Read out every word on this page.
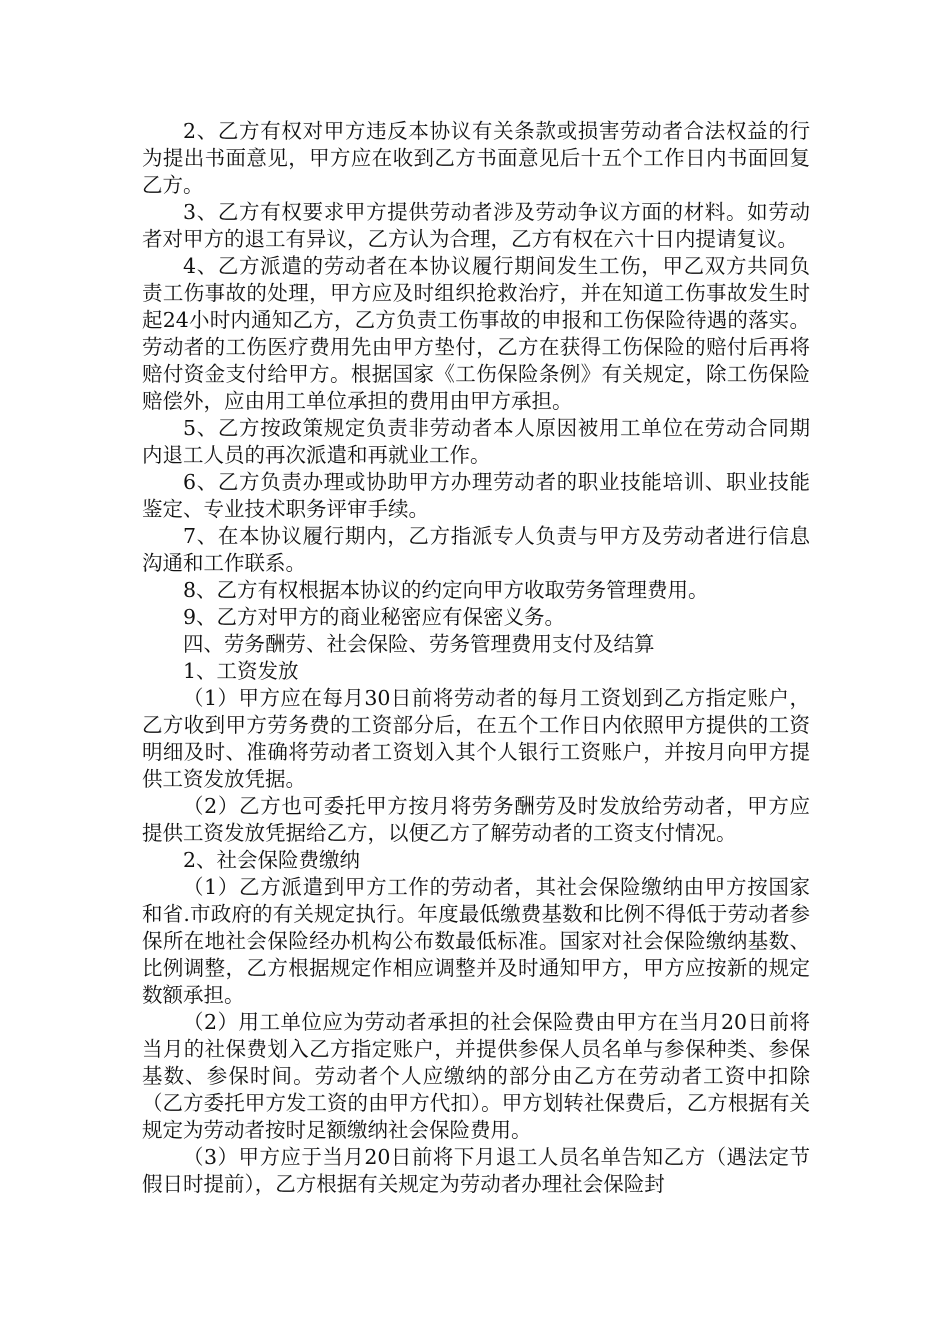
2、乙方有权对甲方违反本协议有关条款或损害劳动者合法权益的行为提出书面意见，甲方应在收到乙方书面意见后十五个工作日内书面回复乙方。

3、乙方有权要求甲方提供劳动者涉及劳动争议方面的材料。如劳动者对甲方的退工有异议，乙方认为合理，乙方有权在六十日内提请复议。

4、乙方派遣的劳动者在本协议履行期间发生工伤，甲乙双方共同负责工伤事故的处理，甲方应及时组织抢救治疗，并在知道工伤事故发生时起24小时内通知乙方，乙方负责工伤事故的申报和工伤保险待遇的落实。劳动者的工伤医疗费用先由甲方垫付，乙方在获得工伤保险的赔付后再将赔付资金支付给甲方。根据国家《工伤保险条例》有关规定，除工伤保险赔偿外，应由用工单位承担的费用由甲方承担。

5、乙方按政策规定负责非劳动者本人原因被用工单位在劳动合同期内退工人员的再次派遣和再就业工作。

6、乙方负责办理或协助甲方办理劳动者的职业技能培训、职业技能鉴定、专业技术职务评审手续。

7、在本协议履行期内，乙方指派专人负责与甲方及劳动者进行信息沟通和工作联系。

8、乙方有权根据本协议的约定向甲方收取劳务管理费用。

9、乙方对甲方的商业秘密应有保密义务。

四、劳务酬劳、社会保险、劳务管理费用支付及结算

1、工资发放

（1）甲方应在每月30日前将劳动者的每月工资划到乙方指定账户，乙方收到甲方劳务费的工资部分后，在五个工作日内依照甲方提供的工资明细及时、准确将劳动者工资划入其个人银行工资账户，并按月向甲方提供工资发放凭据。

（2）乙方也可委托甲方按月将劳务酬劳及时发放给劳动者，甲方应提供工资发放凭据给乙方，以便乙方了解劳动者的工资支付情况。

2、社会保险费缴纳

（1）乙方派遣到甲方工作的劳动者，其社会保险缴纳由甲方按国家和省.市政府的有关规定执行。年度最低缴费基数和比例不得低于劳动者参保所在地社会保险经办机构公布数最低标准。国家对社会保险缴纳基数、比例调整，乙方根据规定作相应调整并及时通知甲方，甲方应按新的规定数额承担。

（2）用工单位应为劳动者承担的社会保险费由甲方在当月20日前将当月的社保费划入乙方指定账户，并提供参保人员名单与参保种类、参保基数、参保时间。劳动者个人应缴纳的部分由乙方在劳动者工资中扣除（乙方委托甲方发工资的由甲方代扣）。甲方划转社保费后，乙方根据有关规定为劳动者按时足额缴纳社会保险费用。

（3）甲方应于当月20日前将下月退工人员名单告知乙方（遇法定节假日时提前），乙方根据有关规定为劳动者办理社会保险封
